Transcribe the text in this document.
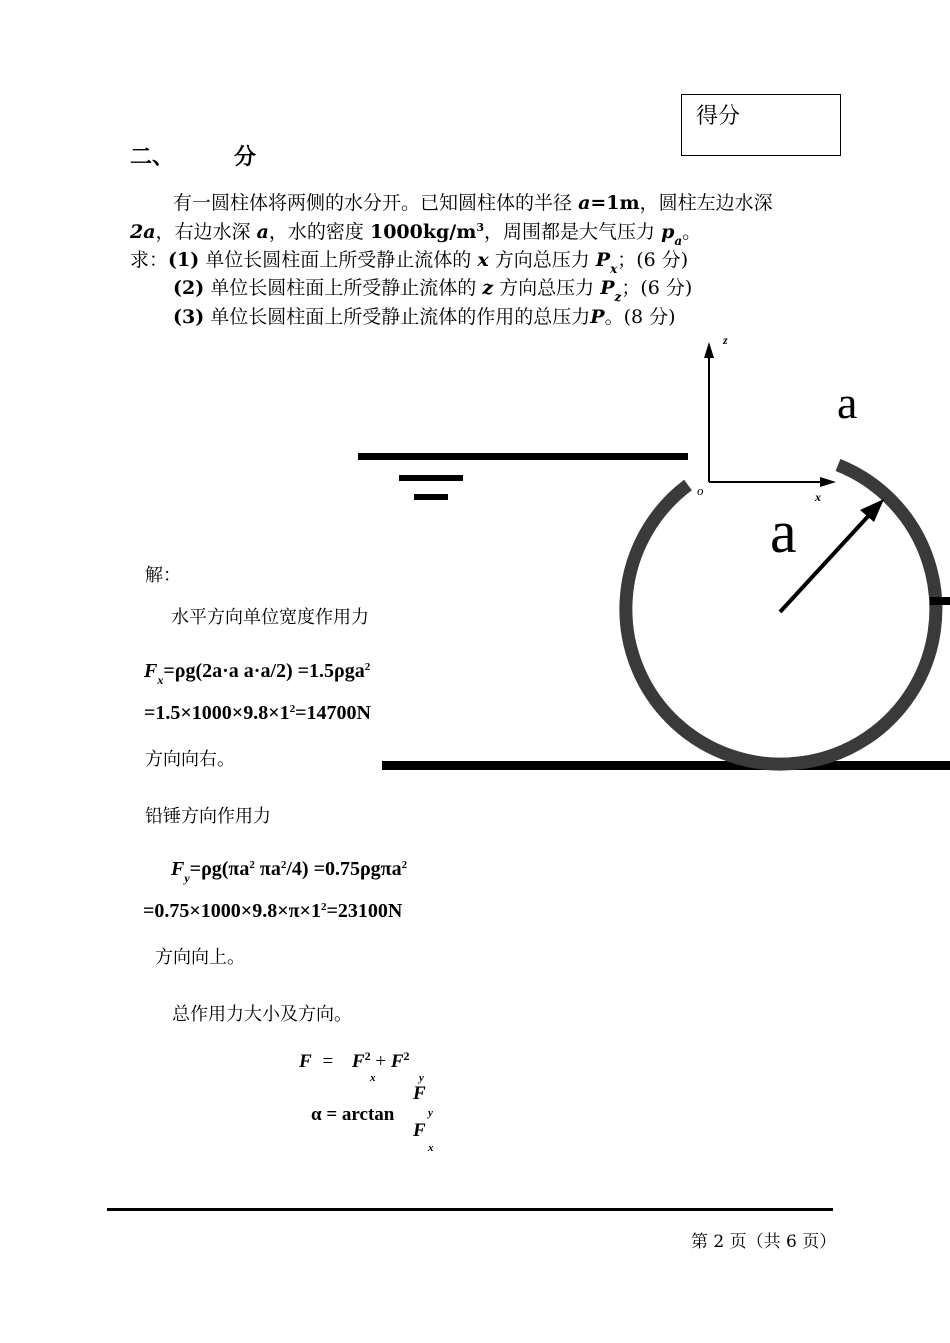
得分
二、	分
有一圆柱体将两侧的水分开。已知圆柱体的半径 a=1m，圆柱左边水深
2a，右边水深 a，水的密度 $1000kg/m^3$，周围都是大气压力 $p_a$。
求：(1) 单位长圆柱面上所受静止流体的 x 方向总压力 $P_x$；(6 分)
(2) 单位长圆柱面上所受静止流体的 z 方向总压力 $P_z$；(6 分)
(3) 单位长圆柱面上所受静止流体的作用的总压力P。(8 分)
z
x
o
a
a
解：
水平方向单位宽度作用力
$F_x=\rho g(2a\cdot a$ a·a/2) =1.5ρga$^2$
$=1.5\times 1000\times 9.8\times 1^2=14700N$
方向向右。
铅锤方向作用力
$F_y=\rho g(\pi a^2$ $\pi a^2/4) =0.75\rho g\pi a^2$
$=0.75\times 1000\times 9.8\times\pi\times 1^2=23100N$
方向向上。
总作用力大小及方向。
$F = F^2 + F^2$
x	y
α = arctan
F
y
F
x
第 2 页（共 6 页）
